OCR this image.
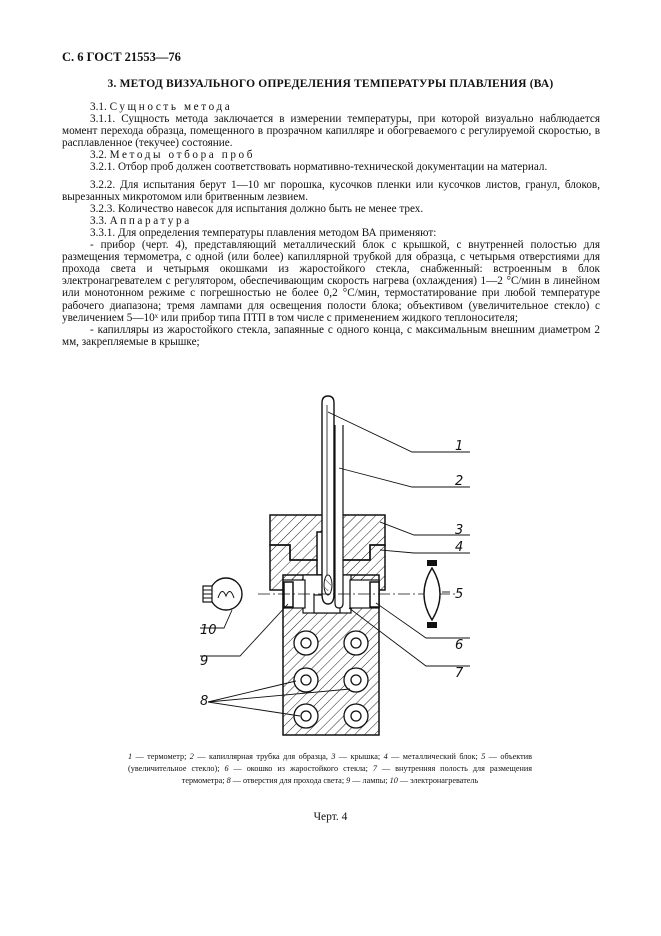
С. 6 ГОСТ 21553—76
3. МЕТОД ВИЗУАЛЬНОГО ОПРЕДЕЛЕНИЯ ТЕМПЕРАТУРЫ ПЛАВЛЕНИЯ (ВА)

3.1. Сущность метода

3.1.1. Сущность метода заключается в измерении температуры, при которой визуально наблюдается момент перехода образца, помещенного в прозрачном капилляре и обогреваемого с регулируемой скоростью, в расплавленное (текучее) состояние.

3.2. Методы отбора проб

3.2.1. Отбор проб должен соответствовать нормативно-технической документации на материал.

3.2.2. Для испытания берут 1—10 мг порошка, кусочков пленки или кусочков листов, гранул, блоков, вырезанных микротомом или бритвенным лезвием.

3.2.3. Количество навесок для испытания должно быть не менее трех.

3.3. Аппаратура

3.3.1. Для определения температуры плавления методом ВА применяют:

- прибор (черт. 4), представляющий металлический блок с крышкой, с внутренней полостью для размещения термометра, с одной (или более) капиллярной трубкой для образца, с четырьмя отверстиями для прохода света и четырьмя окошками из жаростойкого стекла, снабженный: встроенным в блок электронагревателем с регулятором, обеспечивающим скорость нагрева (охлаждения) 1—2 °С/мин в линейном или монотонном режиме с погрешностью не более 0,2 °С/мин, термостатирование при любой температуре рабочего диапазона; тремя лампами для освещения полости блока; объективом (увеличительное стекло) с увеличением 5—10ˣ или прибор типа ПТП в том числе с применением жидкого теплоносителя;

- капилляры из жаростойкого стекла, запаянные с одного конца, с максимальным внешним диаметром 2 мм, закрепляемые в крышке;

1
2
3
4
5
6
7
8
9
10
1 — термометр; 2 — капиллярная трубка для образца, 3 — крышка; 4 — металлический блок; 5 — объектив (увеличительное стекло); 6 — окошко из жаростойкого стекла; 7 — внутренняя полость для размещения термометра; 8 — отверстия для прохода света; 9 — лампы; 10 — электронагреватель
Черт. 4
